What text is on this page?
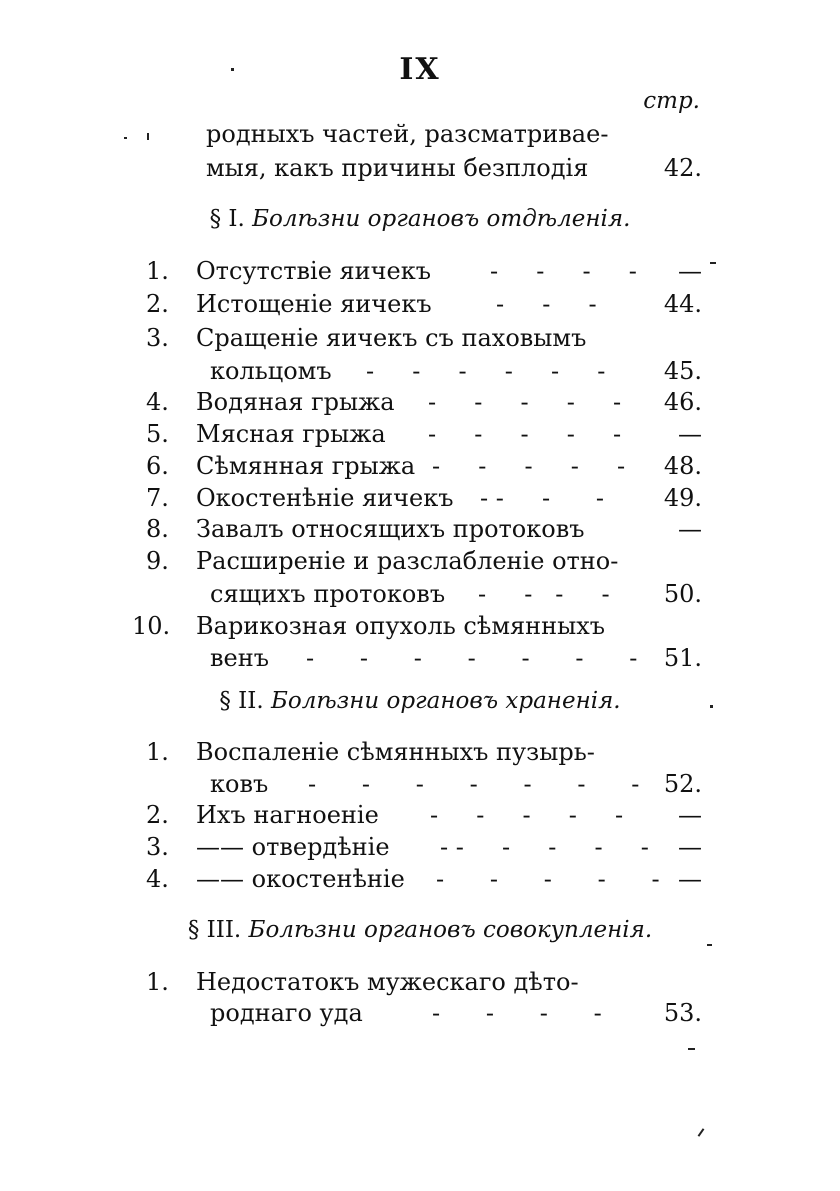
IX
стр.
родныхъ частей, разсматривае-
мыя, какъ причины безплодія	42.
§ I. Болѣзни органовъ отдѣленія.
1.	Отсутствіе яичекъ -     -     -     - —
2.	Истощеніе яичекъ	-     -     -	44.
3.	Сращеніе яичекъ съ паховымъ
кольцомъ -     -     -     -     -     - 45.
4.	Водяная грыжа -     -     -     -     - 46.
5.	Мясная грыжа -     -     -     -     - —
6.	Сѣмянная грыжа -     -     -     -     - 48.
7.	Окостенѣніе яичекъ - -     -      - 49.
8.	Завалъ относящихъ протоковъ	—
9.	Расширеніе и разслабленіе отно-
сящихъ протоковъ -     -   -     - 50.
10.	Варикозная опухоль сѣмянныхъ
венъ -      -      -      -      -      -      - 51.
§ II. Болѣзни органовъ храненія.
1.	Воспаленіе сѣмянныхъ пузырь-
ковъ -      -      -      -      -      -      - 52.
2.	Ихъ нагноеніе -     -     -     -     - —
3.	—— отвердѣніе - -     -     -     -     - —
4.	—— окостенѣніе -      -      -      -      - —
§ III. Болѣзни органовъ совокупленія.
1.	Недостатокъ мужескаго дѣто-
роднаго уда	-      -      -      -	53.
